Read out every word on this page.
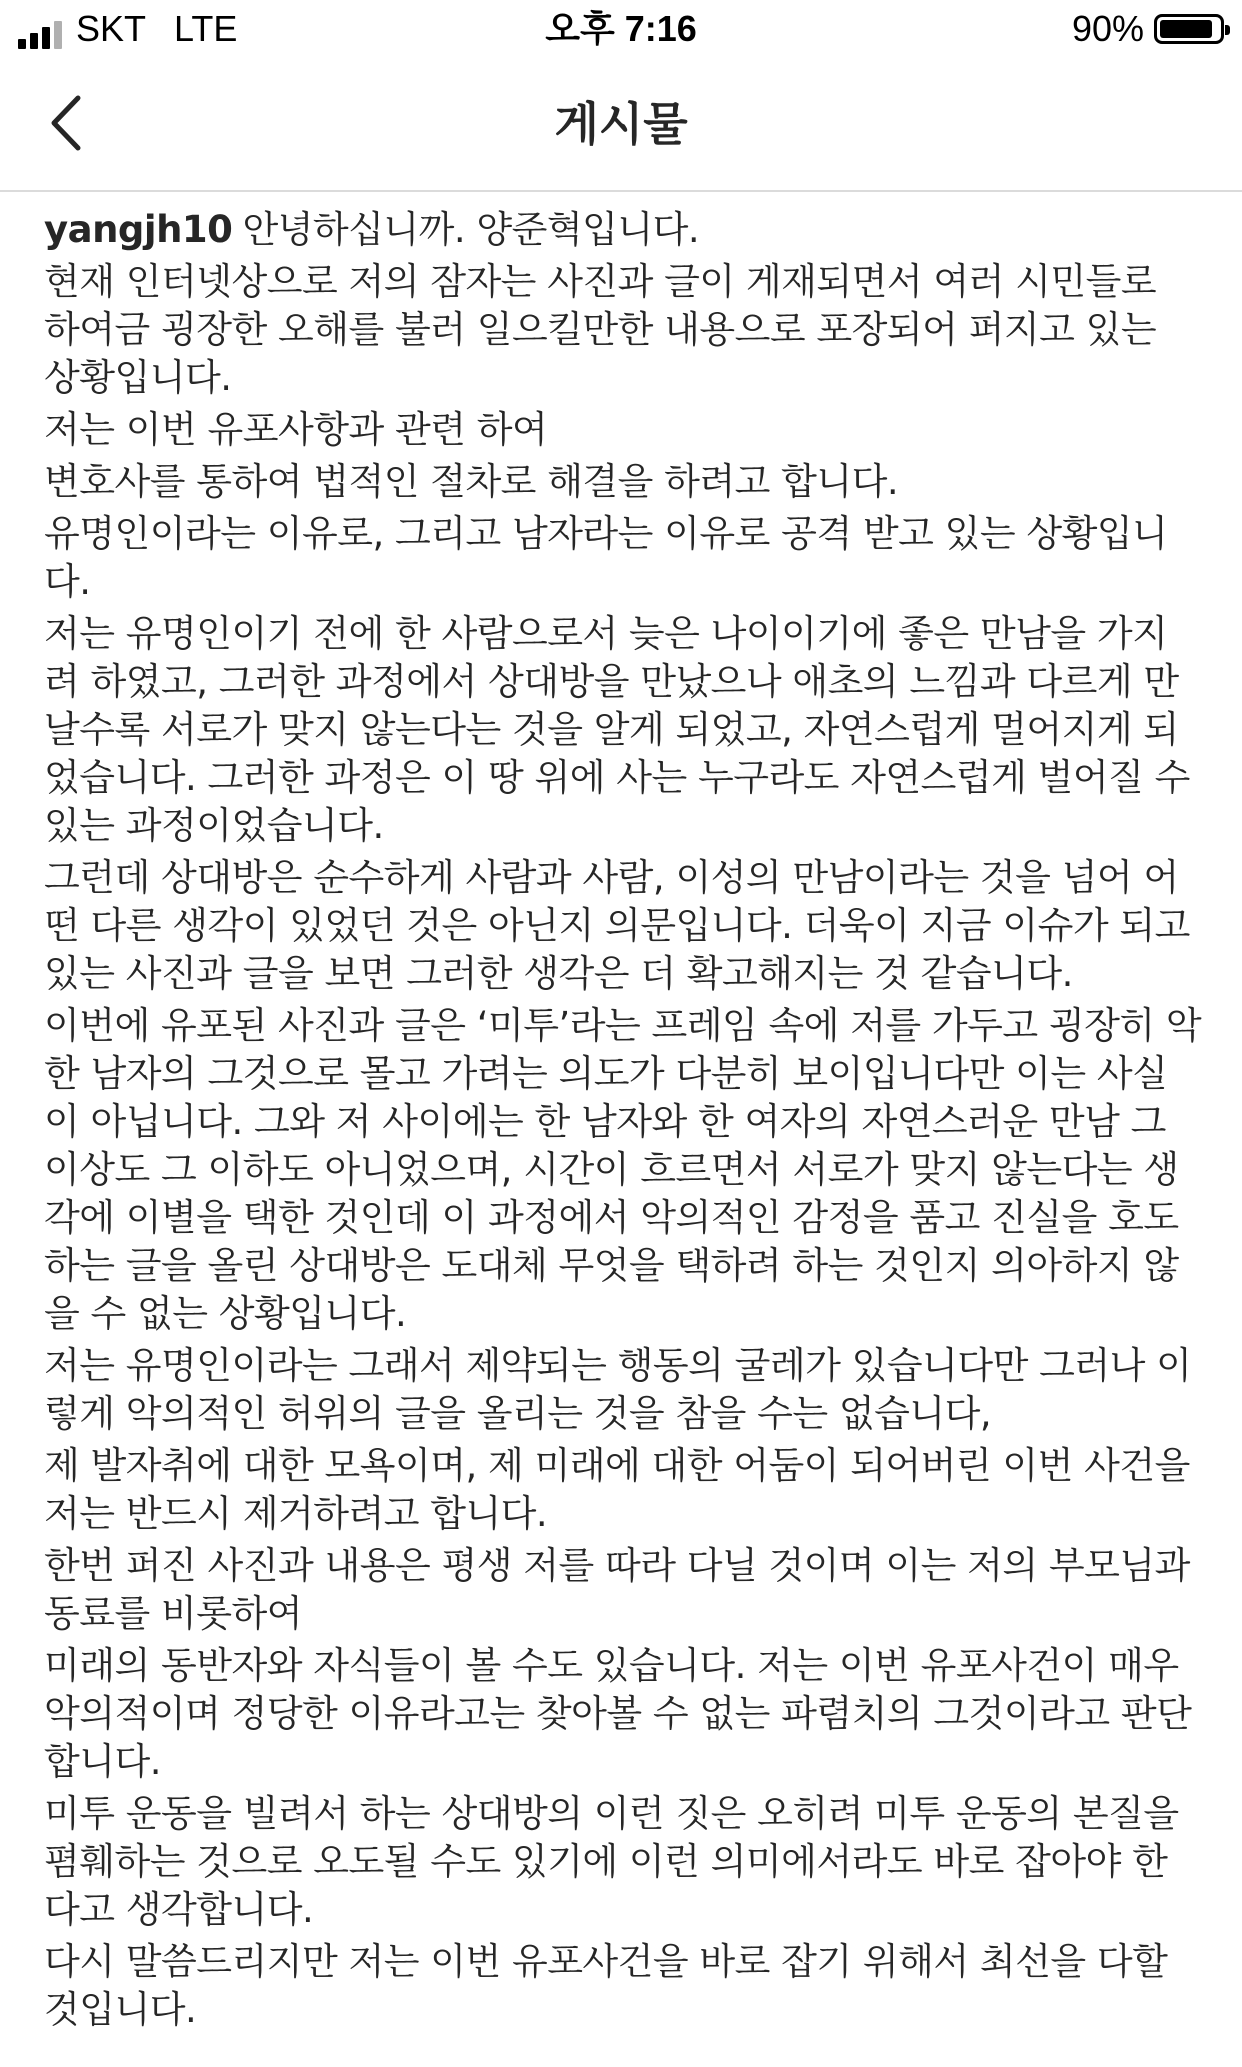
SKT LTE	오후 7:16	90%
게시물
yangjh10 안녕하십니까. 양준혁입니다.
현재 인터넷상으로 저의 잠자는 사진과 글이 게재되면서 여러 시민들로 하여금 굉장한 오해를 불러 일으킬만한 내용으로 포장되어 퍼지고 있는 상황입니다.
저는 이번 유포사항과 관련 하여
변호사를 통하여 법적인 절차로 해결을 하려고 합니다.
유명인이라는 이유로, 그리고 남자라는 이유로 공격 받고 있는 상황입니다.
저는 유명인이기 전에 한 사람으로서 늦은 나이이기에 좋은 만남을 가지려 하였고, 그러한 과정에서 상대방을 만났으나 애초의 느낌과 다르게 만날수록 서로가 맞지 않는다는 것을 알게 되었고, 자연스럽게 멀어지게 되었습니다. 그러한 과정은 이 땅 위에 사는 누구라도 자연스럽게 벌어질 수 있는 과정이었습니다.
그런데 상대방은 순수하게 사람과 사람, 이성의 만남이라는 것을 넘어 어떤 다른 생각이 있었던 것은 아닌지 의문입니다. 더욱이 지금 이슈가 되고 있는 사진과 글을 보면 그러한 생각은 더 확고해지는 것 같습니다.
이번에 유포된 사진과 글은 ‘미투’라는 프레임 속에 저를 가두고 굉장히 악한 남자의 그것으로 몰고 가려는 의도가 다분히 보이입니다만 이는 사실이 아닙니다. 그와 저 사이에는 한 남자와 한 여자의 자연스러운 만남 그 이상도 그 이하도 아니었으며, 시간이 흐르면서 서로가 맞지 않는다는 생각에 이별을 택한 것인데 이 과정에서 악의적인 감정을 품고 진실을 호도하는 글을 올린 상대방은 도대체 무엇을 택하려 하는 것인지 의아하지 않을 수 없는 상황입니다.
저는 유명인이라는 그래서 제약되는 행동의 굴레가 있습니다만 그러나 이렇게 악의적인 허위의 글을 올리는 것을 참을 수는 없습니다,
제 발자취에 대한 모욕이며, 제 미래에 대한 어둠이 되어버린 이번 사건을 저는 반드시 제거하려고 합니다.
한번 퍼진 사진과 내용은 평생 저를 따라 다닐 것이며 이는 저의 부모님과 동료를 비롯하여
미래의 동반자와 자식들이 볼 수도 있습니다. 저는 이번 유포사건이 매우 악의적이며 정당한 이유라고는 찾아볼 수 없는 파렴치의 그것이라고 판단합니다.
미투 운동을 빌려서 하는 상대방의 이런 짓은 오히려 미투 운동의 본질을 폄훼하는 것으로 오도될 수도 있기에 이런 의미에서라도 바로 잡아야 한다고 생각합니다.
다시 말씀드리지만 저는 이번 유포사건을 바로 잡기 위해서 최선을 다할 것입니다.
